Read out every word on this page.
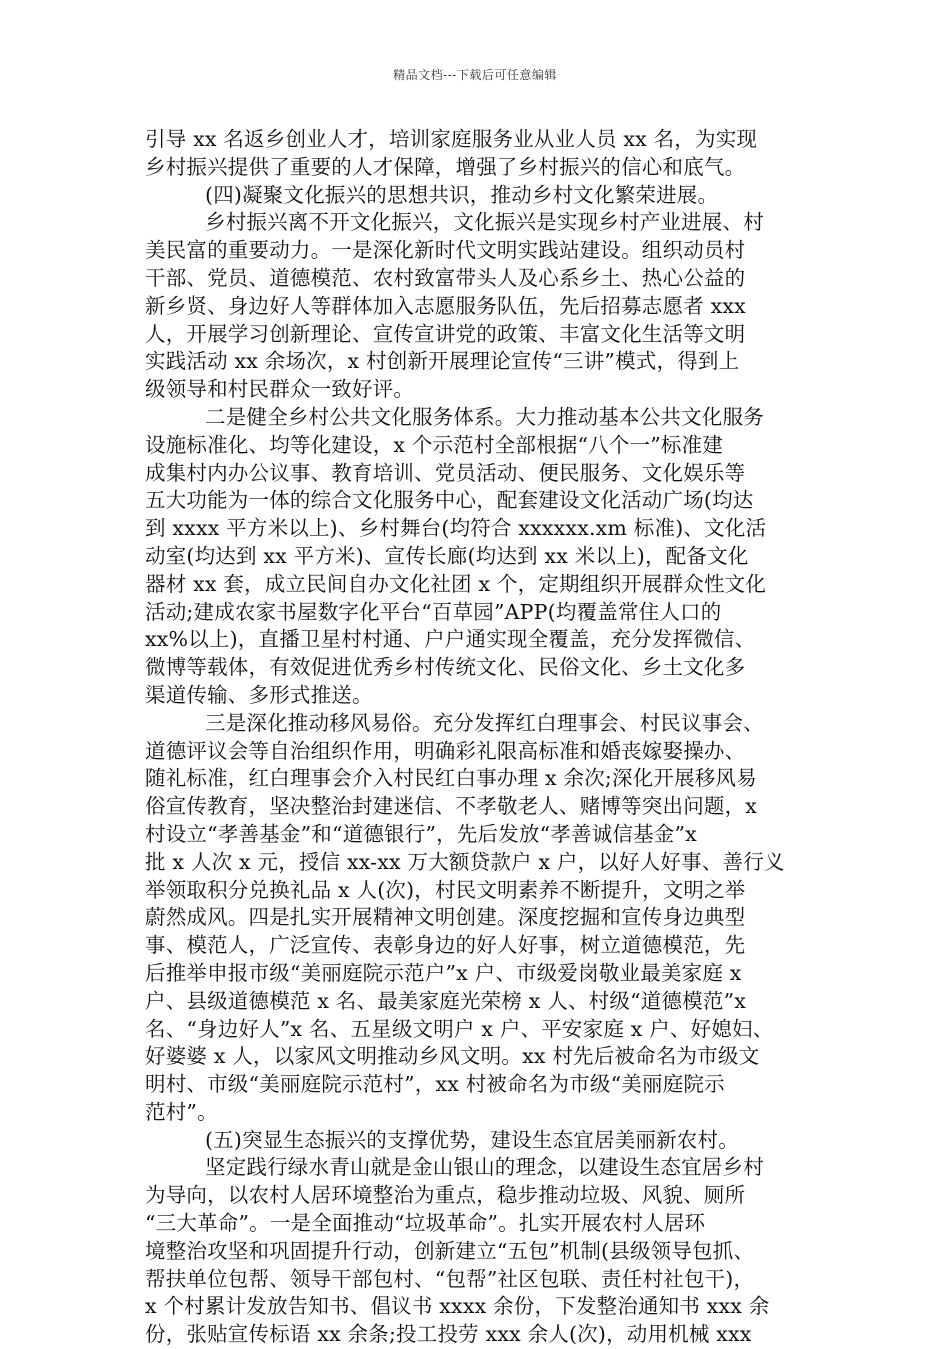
精品文档---下载后可任意编辑
引导 xx 名返乡创业人才，培训家庭服务业从业人员 xx 名，为实现
乡村振兴提供了重要的人才保障，增强了乡村振兴的信心和底气。
(四)凝聚文化振兴的思想共识，推动乡村文化繁荣进展。
乡村振兴离不开文化振兴，文化振兴是实现乡村产业进展、村
美民富的重要动力。一是深化新时代文明实践站建设。组织动员村
干部、党员、道德模范、农村致富带头人及心系乡土、热心公益的
新乡贤、身边好人等群体加入志愿服务队伍，先后招募志愿者 xxx
人，开展学习创新理论、宣传宣讲党的政策、丰富文化生活等文明
实践活动 xx 余场次，x 村创新开展理论宣传“三讲”模式，得到上
级领导和村民群众一致好评。
二是健全乡村公共文化服务体系。大力推动基本公共文化服务
设施标准化、均等化建设，x 个示范村全部根据“八个一”标准建
成集村内办公议事、教育培训、党员活动、便民服务、文化娱乐等
五大功能为一体的综合文化服务中心，配套建设文化活动广场(均达
到 xxxx 平方米以上)、乡村舞台(均符合 xxxxxx.xm 标准)、文化活
动室(均达到 xx 平方米)、宣传长廊(均达到 xx 米以上)，配备文化
器材 xx 套，成立民间自办文化社团 x 个，定期组织开展群众性文化
活动;建成农家书屋数字化平台“百草园”APP(均覆盖常住人口的
xx%以上)，直播卫星村村通、户户通实现全覆盖，充分发挥微信、
微博等载体，有效促进优秀乡村传统文化、民俗文化、乡土文化多
渠道传输、多形式推送。
三是深化推动移风易俗。充分发挥红白理事会、村民议事会、
道德评议会等自治组织作用，明确彩礼限高标准和婚丧嫁娶操办、
随礼标准，红白理事会介入村民红白事办理 x 余次;深化开展移风易
俗宣传教育，坚决整治封建迷信、不孝敬老人、赌博等突出问题，x
村设立“孝善基金”和“道德银行”，先后发放“孝善诚信基金”x
批 x 人次 x 元，授信 xx-xx 万大额贷款户 x 户，以好人好事、善行义
举领取积分兑换礼品 x 人(次)，村民文明素养不断提升，文明之举
蔚然成风。四是扎实开展精神文明创建。深度挖掘和宣传身边典型
事、模范人，广泛宣传、表彰身边的好人好事，树立道德模范，先
后推举申报市级“美丽庭院示范户”x 户、市级爱岗敬业最美家庭 x
户、县级道德模范 x 名、最美家庭光荣榜 x 人、村级“道德模范”x
名、“身边好人”x 名、五星级文明户 x 户、平安家庭 x 户、好媳妇、
好婆婆 x 人，以家风文明推动乡风文明。xx 村先后被命名为市级文
明村、市级“美丽庭院示范村”，xx 村被命名为市级“美丽庭院示
范村”。
(五)突显生态振兴的支撑优势，建设生态宜居美丽新农村。
坚定践行绿水青山就是金山银山的理念，以建设生态宜居乡村
为导向，以农村人居环境整治为重点，稳步推动垃圾、风貌、厕所
“三大革命”。一是全面推动“垃圾革命”。扎实开展农村人居环
境整治攻坚和巩固提升行动，创新建立“五包”机制(县级领导包抓、
帮扶单位包帮、领导干部包村、“包帮”社区包联、责任村社包干)，
x 个村累计发放告知书、倡议书 xxxx 余份，下发整治通知书 xxx 余
份，张贴宣传标语 xx 余条;投工投劳 xxx 余人(次)，动用机械 xxx
